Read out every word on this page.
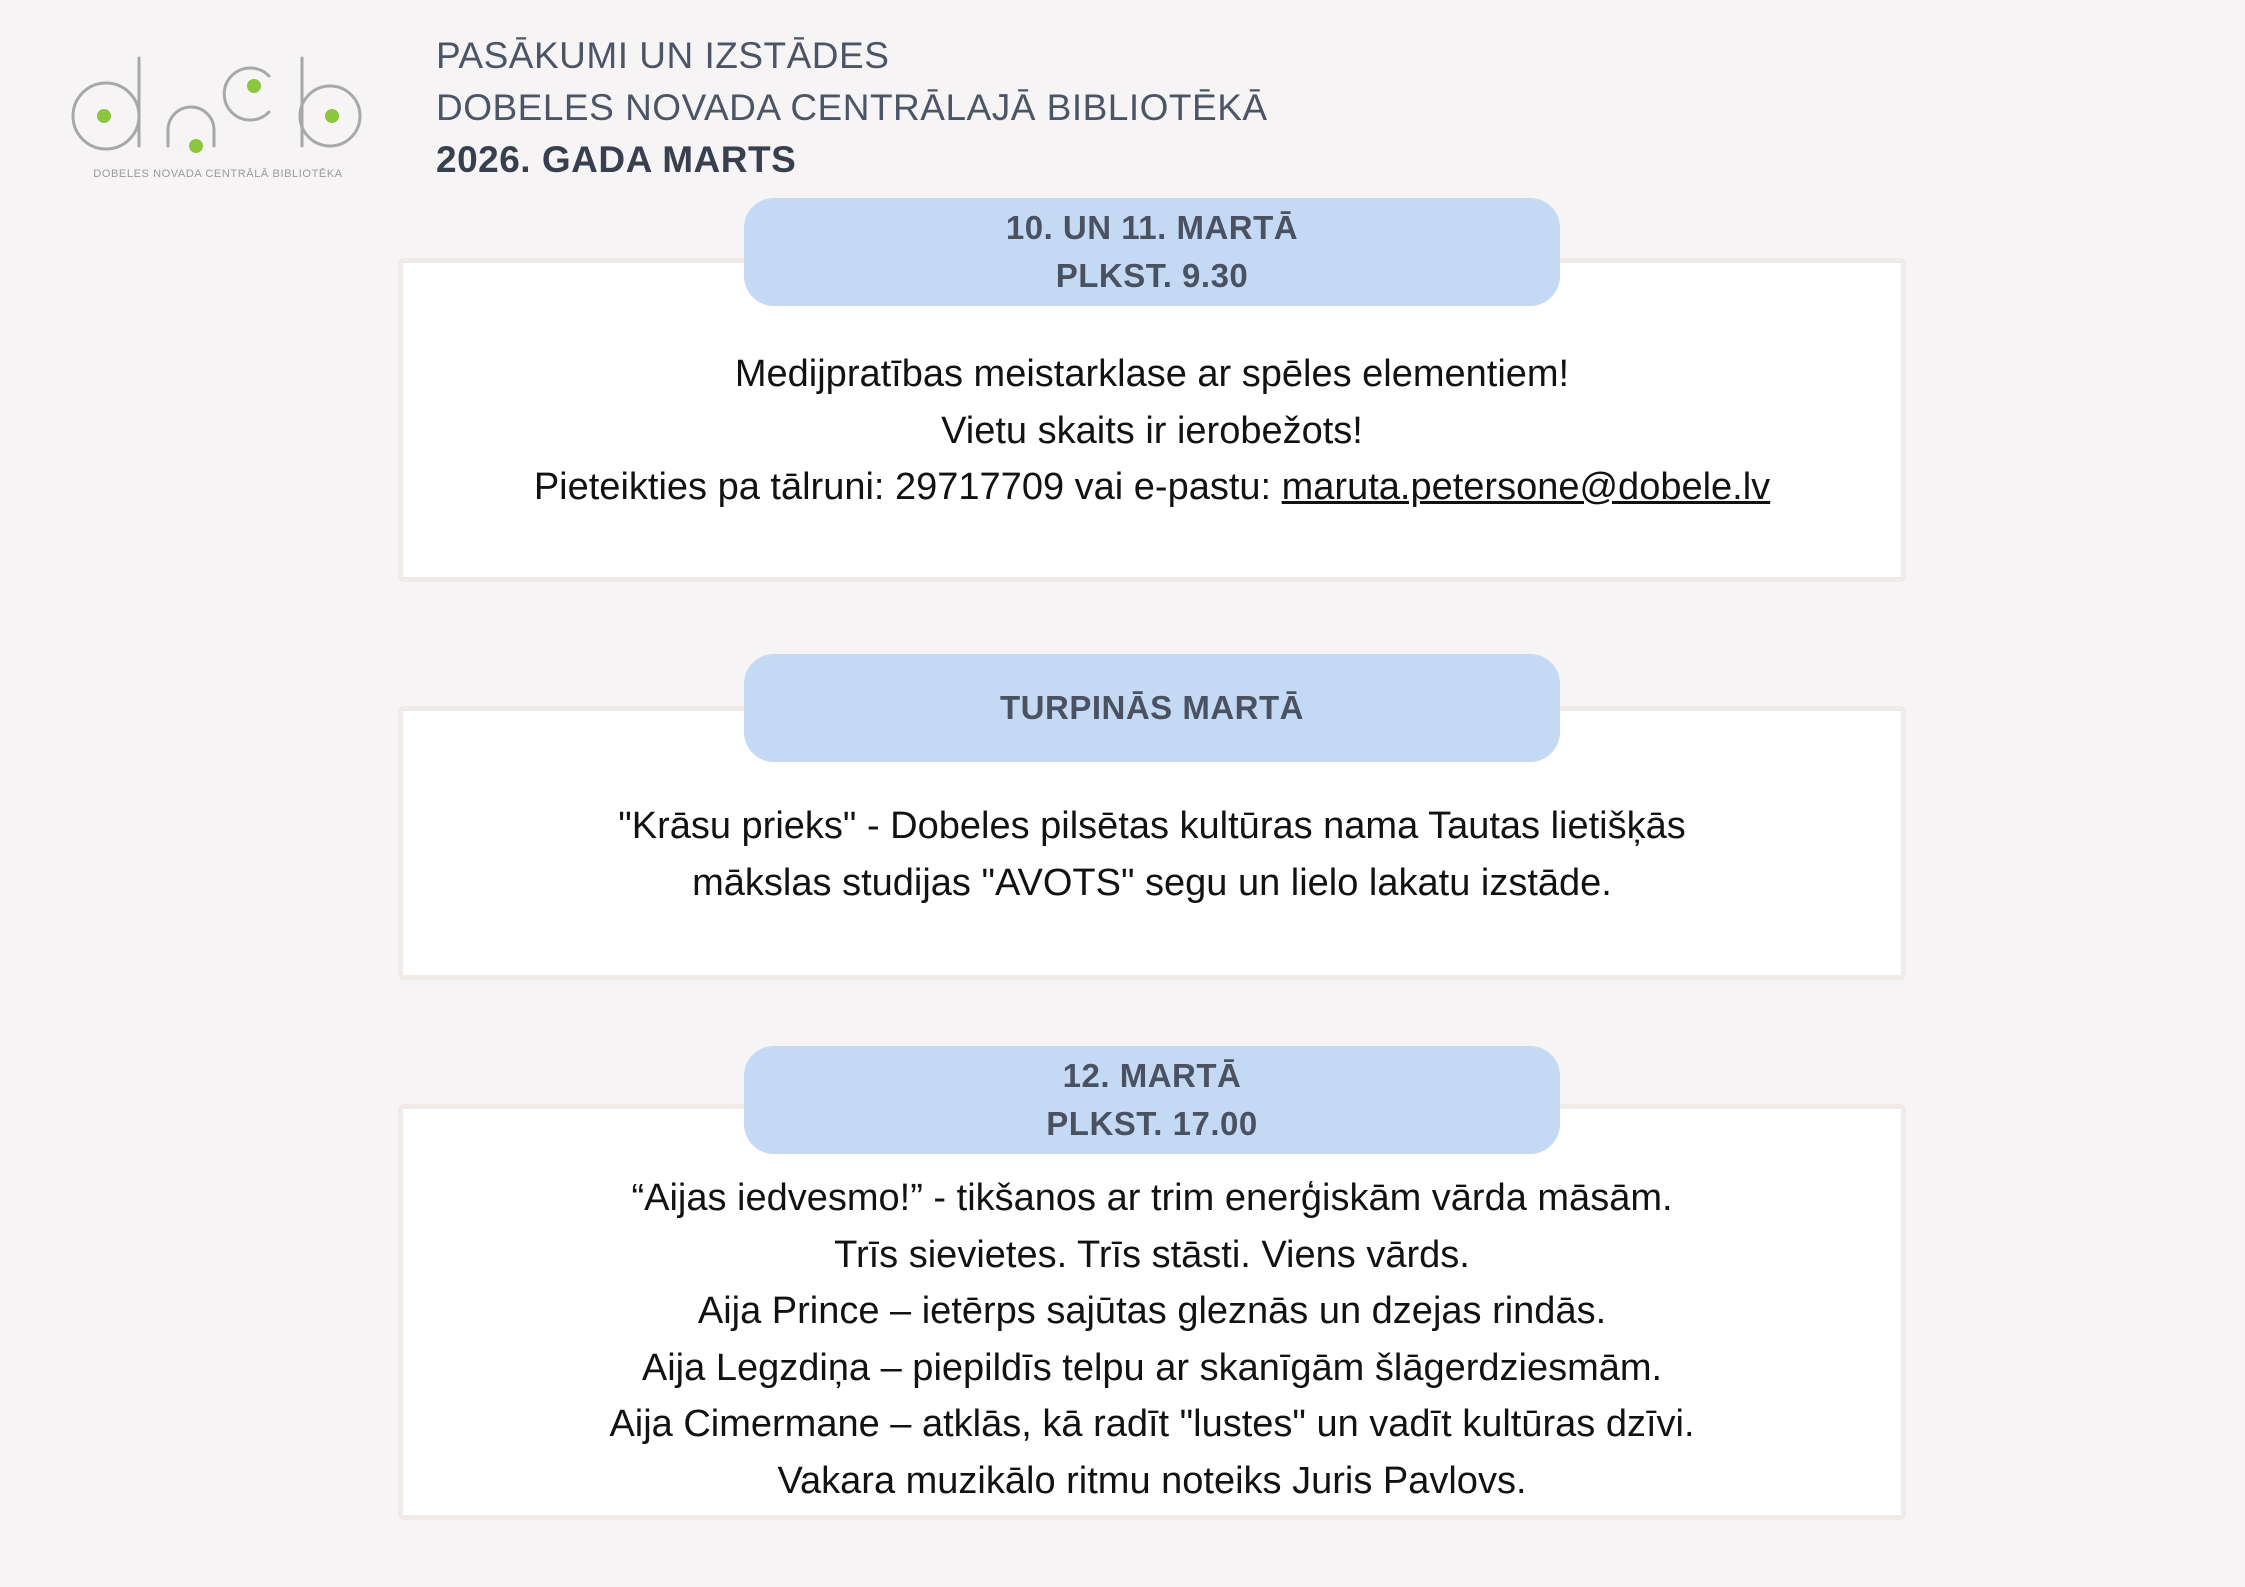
DOBELES NOVADA CENTRĀLĀ BIBLIOTĒKA
PASĀKUMI UN IZSTĀDES
DOBELES NOVADA CENTRĀLAJĀ BIBLIOTĒKĀ
2026. GADA MARTS
10. UN 11. MARTĀ
PLKST. 9.30
Medijpratības meistarklase ar spēles elementiem!
Vietu skaits ir ierobežots!
Pieteikties pa tālruni: 29717709 vai e-pastu: maruta.petersone@dobele.lv
TURPINĀS MARTĀ
"Krāsu prieks" - Dobeles pilsētas kultūras nama Tautas lietišķās
mākslas studijas "AVOTS" segu un lielo lakatu izstāde.
12. MARTĀ
PLKST. 17.00
“Aijas iedvesmo!” - tikšanos ar trim enerģiskām vārda māsām.
Trīs sievietes. Trīs stāsti. Viens vārds.
Aija Prince – ietērps sajūtas gleznās un dzejas rindās.
Aija Legzdiņa – piepildīs telpu ar skanīgām šlāgerdziesmām.
Aija Cimermane – atklās, kā radīt "lustes" un vadīt kultūras dzīvi.
Vakara muzikālo ritmu noteiks Juris Pavlovs.
